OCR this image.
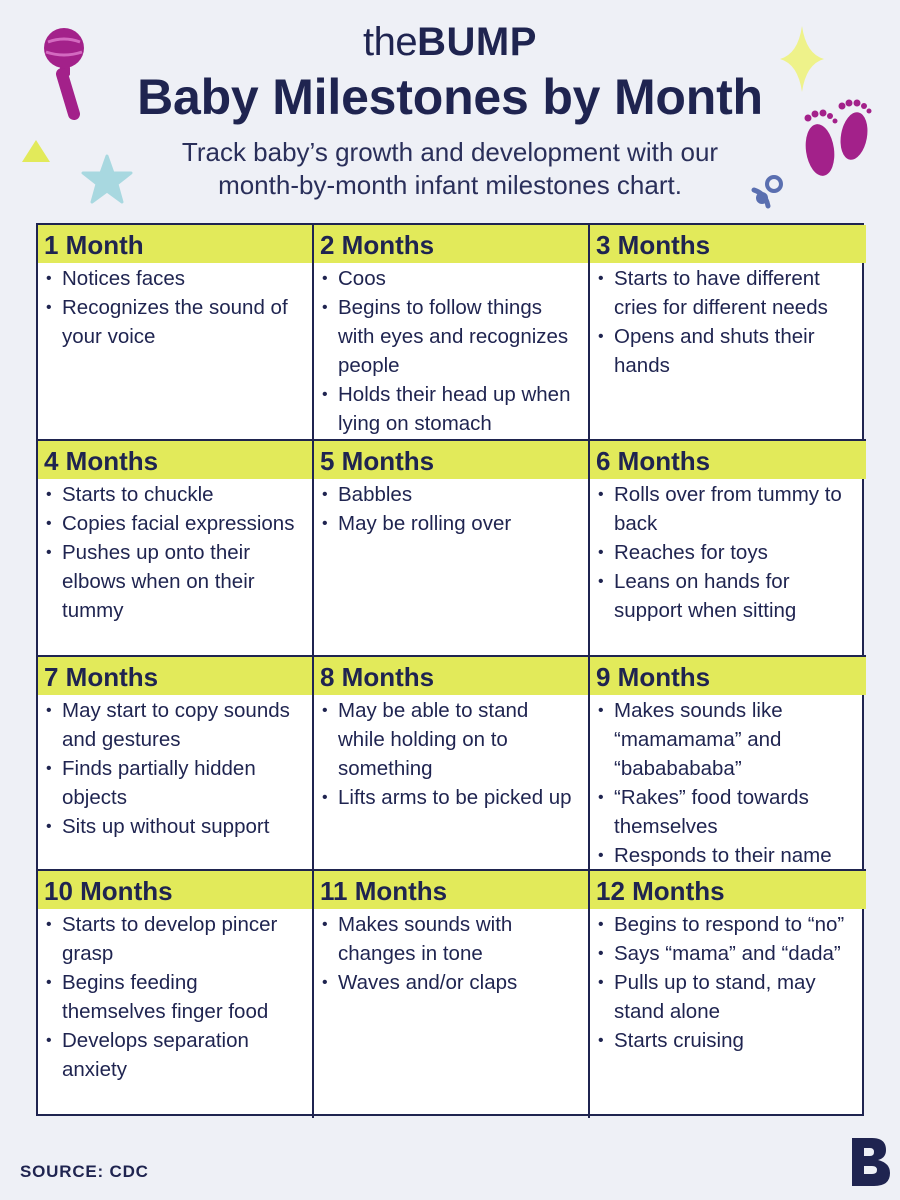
theBUMP
Baby Milestones by Month
Track baby’s growth and development with our month-by-month infant milestones chart.
1 Month
• Notices faces
• Recognizes the sound of your voice
2 Months
• Coos
• Begins to follow things with eyes and recognizes people
• Holds their head up when lying on stomach
3 Months
• Starts to have different cries for different needs
• Opens and shuts their hands
4 Months
• Starts to chuckle
• Copies facial expressions
• Pushes up onto their elbows when on their tummy
5 Months
• Babbles
• May be rolling over
6 Months
• Rolls over from tummy to back
• Reaches for toys
• Leans on hands for support when sitting
7 Months
• May start to copy sounds and gestures
• Finds partially hidden objects
• Sits up without support
8 Months
• May be able to stand while holding on to something
• Lifts arms to be picked up
9 Months
• Makes sounds like “mamamama” and “bababababa”
• “Rakes” food towards themselves
• Responds to their name
10 Months
• Starts to develop pincer grasp
• Begins feeding themselves finger food
• Develops separation anxiety
11 Months
• Makes sounds with changes in tone
• Waves and/or claps
12 Months
• Begins to respond to “no”
• Says “mama” and “dada”
• Pulls up to stand, may stand alone
• Starts cruising
SOURCE: CDC
